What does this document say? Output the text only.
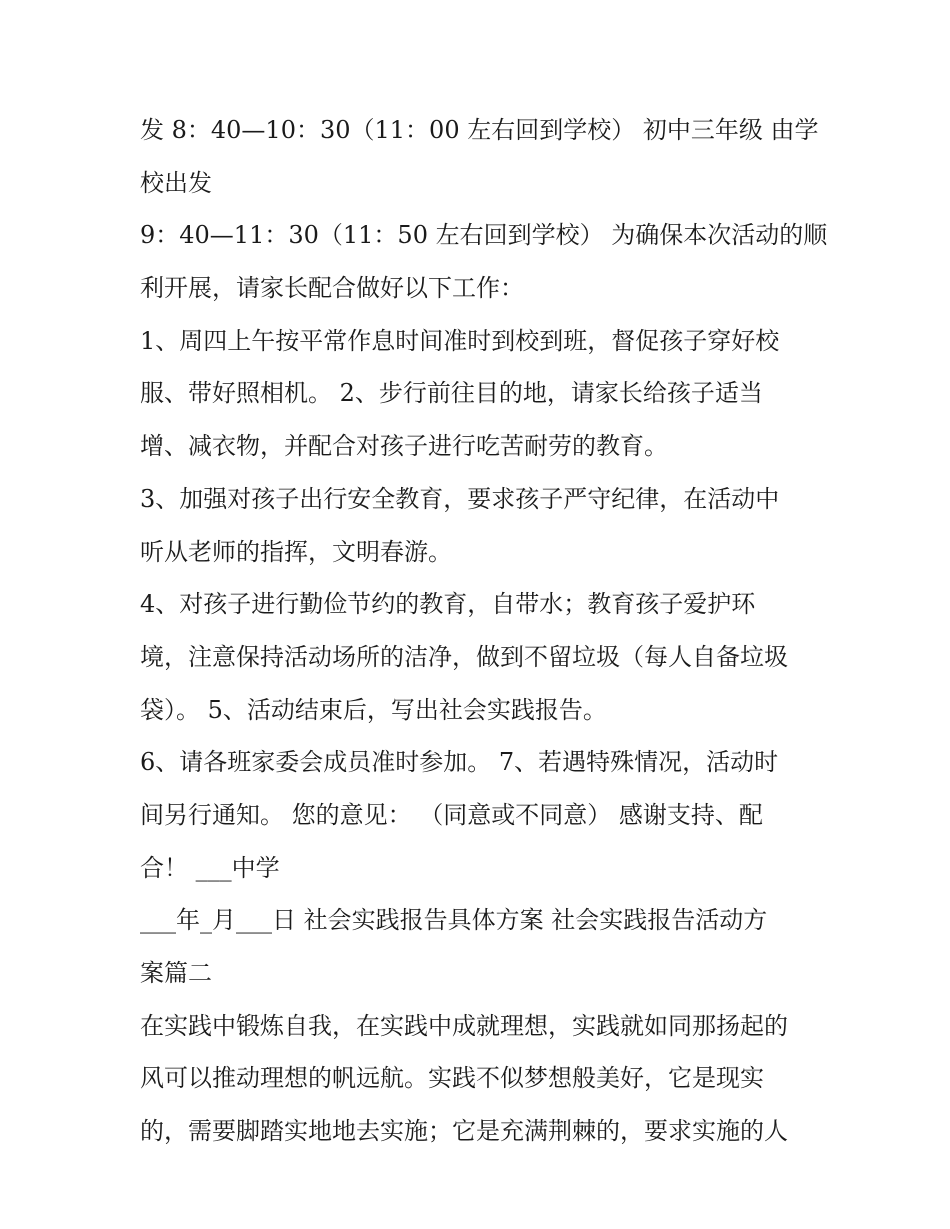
发 8：40—10：30（11：00 左右回到学校） 初中三年级 由学
校出发
9：40—11：30（11：50 左右回到学校） 为确保本次活动的顺
利开展，请家长配合做好以下工作：
1、周四上午按平常作息时间准时到校到班，督促孩子穿好校
服、带好照相机。 2、步行前往目的地，请家长给孩子适当
增、减衣物，并配合对孩子进行吃苦耐劳的教育。
3、加强对孩子出行安全教育，要求孩子严守纪律，在活动中
听从老师的指挥，文明春游。
4、对孩子进行勤俭节约的教育，自带水；教育孩子爱护环
境，注意保持活动场所的洁净，做到不留垃圾（每人自备垃圾
袋）。 5、活动结束后，写出社会实践报告。
6、请各班家委会成员准时参加。 7、若遇特殊情况，活动时
间另行通知。 您的意见： （同意或不同意） 感谢支持、配
合！ ___中学
___年_月___日 社会实践报告具体方案 社会实践报告活动方
案篇二
在实践中锻炼自我，在实践中成就理想，实践就如同那扬起的
风可以推动理想的帆远航。实践不似梦想般美好，它是现实
的，需要脚踏实地地去实施；它是充满荆棘的，要求实施的人
